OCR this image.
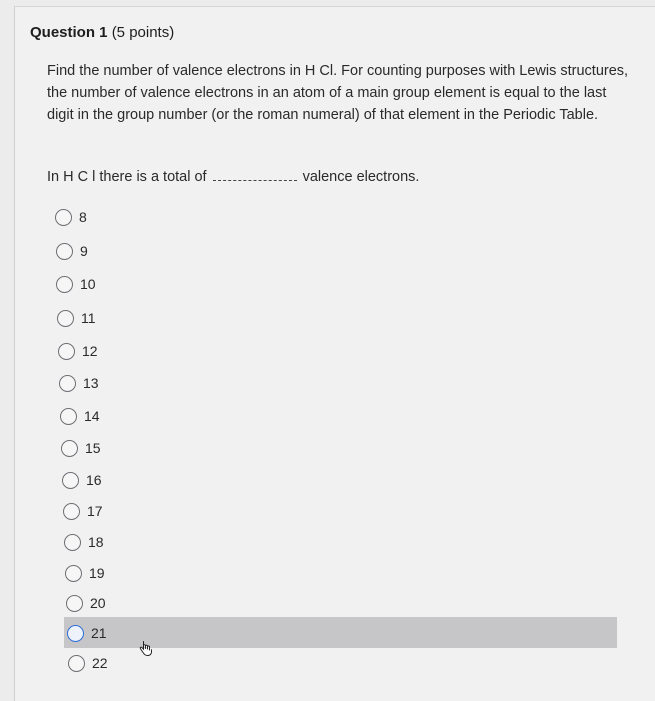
Question 1 (5 points)
Find the number of valence electrons in H Cl. For counting purposes with Lewis structures, the number of valence electrons in an atom of a main group element is equal to the last digit in the group number (or the roman numeral) of that element in the Periodic Table.
In H C l there is a total of	valence electrons.
8
9
10
11
12
13
14
15
16
17
18
19
20
21
22
